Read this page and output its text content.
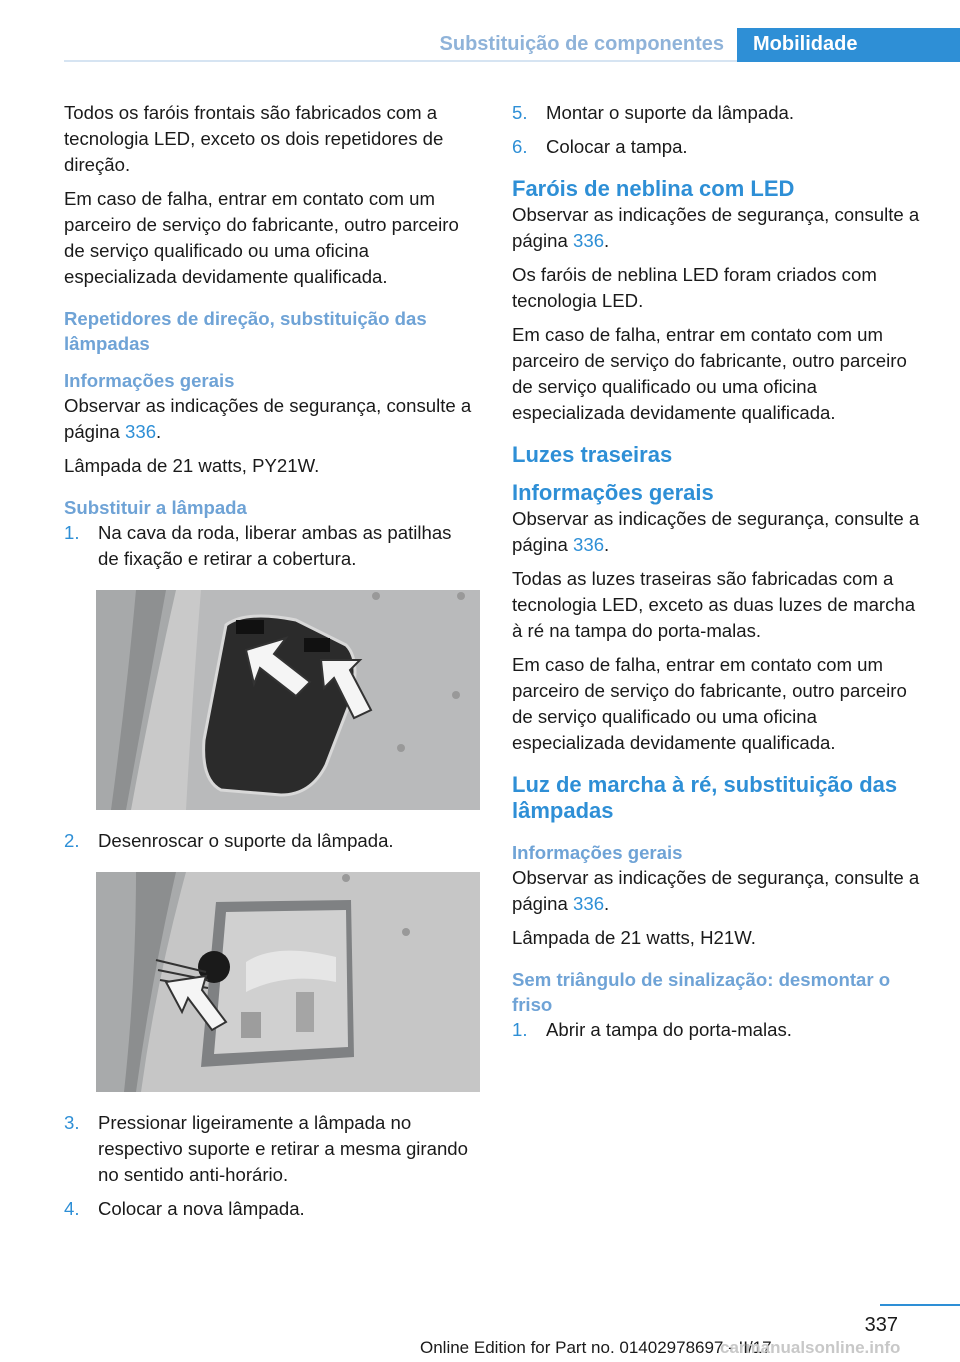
Substituição de componentes	Mobilidade

Todos os faróis frontais são fabricados com a tecnologia LED, exceto os dois repetidores de direção.

Em caso de falha, entrar em contato com um parceiro de serviço do fabricante, outro parceiro de serviço qualificado ou uma oficina especializada devidamente qualificada.

Repetidores de direção, substituição das lâmpadas
Informações gerais

Observar as indicações de segurança, consulte a página 336.

Lâmpada de 21 watts, PY21W.

Substituir a lâmpada
1. Na cava da roda, liberar ambas as patilhas de fixação e retirar a cobertura.
2. Desenroscar o suporte da lâmpada.
3. Pressionar ligeiramente a lâmpada no respectivo suporte e retirar a mesma girando no sentido anti-horário.
4. Colocar a nova lâmpada.
5. Montar o suporte da lâmpada.
6. Colocar a tampa.
Faróis de neblina com LED

Observar as indicações de segurança, consulte a página 336.

Os faróis de neblina LED foram criados com tecnologia LED.

Em caso de falha, entrar em contato com um parceiro de serviço do fabricante, outro parceiro de serviço qualificado ou uma oficina especializada devidamente qualificada.

Luzes traseiras
Informações gerais

Observar as indicações de segurança, consulte a página 336.

Todas as luzes traseiras são fabricadas com a tecnologia LED, exceto as duas luzes de marcha à ré na tampa do porta-malas.

Em caso de falha, entrar em contato com um parceiro de serviço do fabricante, outro parceiro de serviço qualificado ou uma oficina especializada devidamente qualificada.

Luz de marcha à ré, substituição das lâmpadas
Informações gerais

Observar as indicações de segurança, consulte a página 336.

Lâmpada de 21 watts, H21W.

Sem triângulo de sinalização: desmontar o friso
1. Abrir a tampa do porta-malas.
337
Online Edition for Part no. 01402978697 - II/17
carmanualsonline.info
